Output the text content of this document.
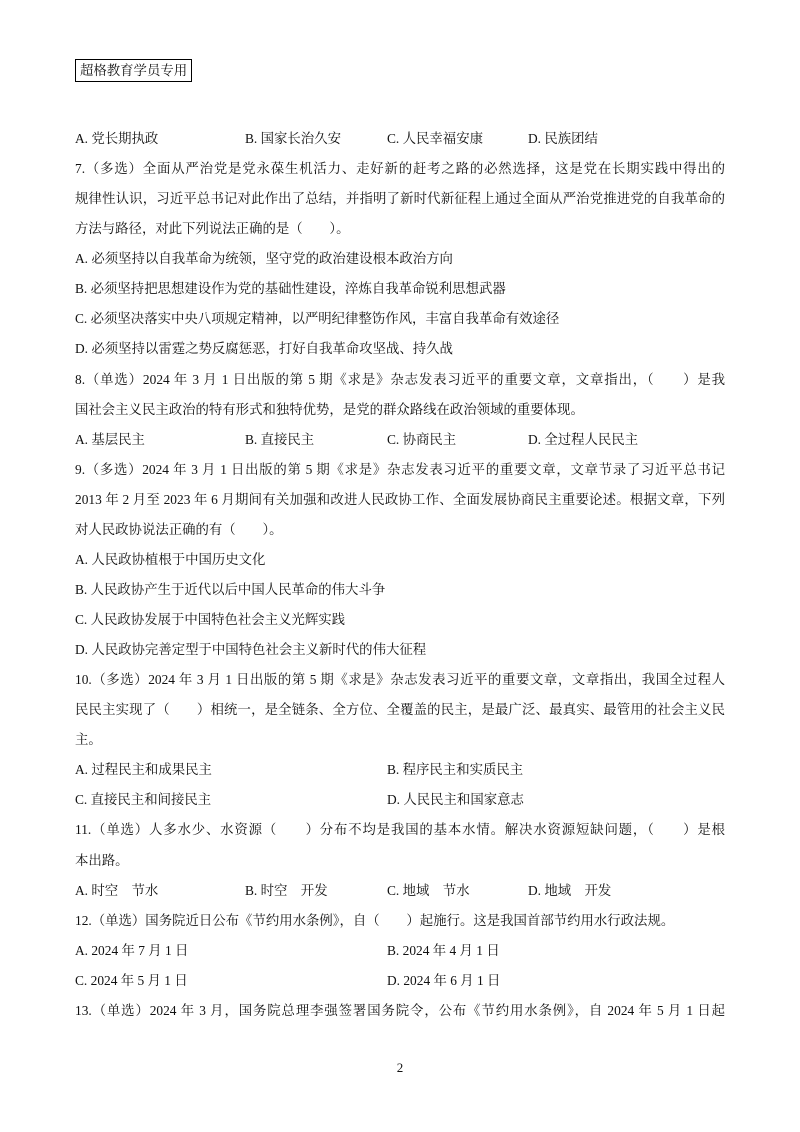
超格教育学员专用
A. 党长期执政	B. 国家长治久安	C. 人民幸福安康	D. 民族团结
7.（多选）全面从严治党是党永葆生机活力、走好新的赶考之路的必然选择，这是党在长期实践中得出的
规律性认识，习近平总书记对此作出了总结，并指明了新时代新征程上通过全面从严治党推进党的自我革命的
方法与路径，对此下列说法正确的是（　　）。
A. 必须坚持以自我革命为统领，坚守党的政治建设根本政治方向
B. 必须坚持把思想建设作为党的基础性建设，淬炼自我革命锐利思想武器
C. 必须坚决落实中央八项规定精神，以严明纪律整饬作风，丰富自我革命有效途径
D. 必须坚持以雷霆之势反腐惩恶，打好自我革命攻坚战、持久战
8.（单选）2024 年 3 月 1 日出版的第 5 期《求是》杂志发表习近平的重要文章，文章指出，（　　）是我
国社会主义民主政治的特有形式和独特优势，是党的群众路线在政治领域的重要体现。
A. 基层民主	B. 直接民主	C. 协商民主	D. 全过程人民民主
9.（多选）2024 年 3 月 1 日出版的第 5 期《求是》杂志发表习近平的重要文章，文章节录了习近平总书记
2013 年 2 月至 2023 年 6 月期间有关加强和改进人民政协工作、全面发展协商民主重要论述。根据文章，下列
对人民政协说法正确的有（　　）。
A. 人民政协植根于中国历史文化
B. 人民政协产生于近代以后中国人民革命的伟大斗争
C. 人民政协发展于中国特色社会主义光辉实践
D. 人民政协完善定型于中国特色社会主义新时代的伟大征程
10.（多选）2024 年 3 月 1 日出版的第 5 期《求是》杂志发表习近平的重要文章，文章指出，我国全过程人
民民主实现了（　　）相统一，是全链条、全方位、全覆盖的民主，是最广泛、最真实、最管用的社会主义民
主。
A. 过程民主和成果民主	B. 程序民主和实质民主
C. 直接民主和间接民主	D. 人民民主和国家意志
11.（单选）人多水少、水资源（　　）分布不均是我国的基本水情。解决水资源短缺问题，（　　）是根
本出路。
A. 时空　节水	B. 时空　开发	C. 地域　节水	D. 地域　开发
12.（单选）国务院近日公布《节约用水条例》，自（　　）起施行。这是我国首部节约用水行政法规。
A. 2024 年 7 月 1 日	B. 2024 年 4 月 1 日
C. 2024 年 5 月 1 日	D. 2024 年 6 月 1 日
13.（单选）2024 年 3 月，国务院总理李强签署国务院令，公布《节约用水条例》，自 2024 年 5 月 1 日起
2
